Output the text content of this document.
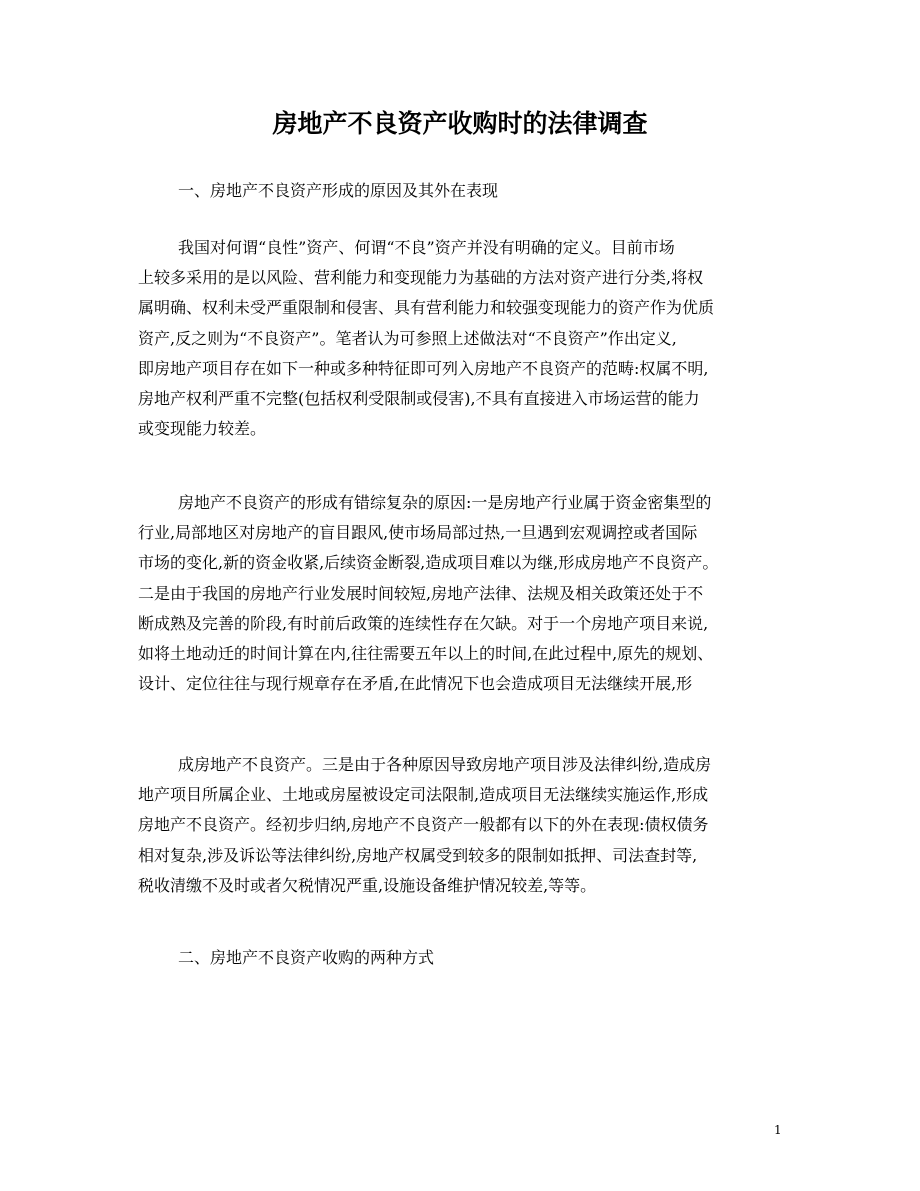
房地产不良资产收购时的法律调查
一、房地产不良资产形成的原因及其外在表现

我国对何谓“良性”资产、何谓“不良”资产并没有明确的定义。目前市场
上较多采用的是以风险、营利能力和变现能力为基础的方法对资产进行分类,将权
属明确、权利未受严重限制和侵害、具有营利能力和较强变现能力的资产作为优质
资产,反之则为“不良资产”。笔者认为可参照上述做法对“不良资产”作出定义,
即房地产项目存在如下一种或多种特征即可列入房地产不良资产的范畴:权属不明,
房地产权利严重不完整(包括权利受限制或侵害),不具有直接进入市场运营的能力
或变现能力较差。

房地产不良资产的形成有错综复杂的原因:一是房地产行业属于资金密集型的
行业,局部地区对房地产的盲目跟风,使市场局部过热,一旦遇到宏观调控或者国际
市场的变化,新的资金收紧,后续资金断裂,造成项目难以为继,形成房地产不良资产。
二是由于我国的房地产行业发展时间较短,房地产法律、法规及相关政策还处于不
断成熟及完善的阶段,有时前后政策的连续性存在欠缺。对于一个房地产项目来说,
如将土地动迁的时间计算在内,往往需要五年以上的时间,在此过程中,原先的规划、
设计、定位往往与现行规章存在矛盾,在此情况下也会造成项目无法继续开展,形

成房地产不良资产。三是由于各种原因导致房地产项目涉及法律纠纷,造成房
地产项目所属企业、土地或房屋被设定司法限制,造成项目无法继续实施运作,形成
房地产不良资产。经初步归纳,房地产不良资产一般都有以下的外在表现:债权债务
相对复杂,涉及诉讼等法律纠纷,房地产权属受到较多的限制如抵押、司法查封等,
税收清缴不及时或者欠税情况严重,设施设备维护情况较差,等等。

二、房地产不良资产收购的两种方式
1
